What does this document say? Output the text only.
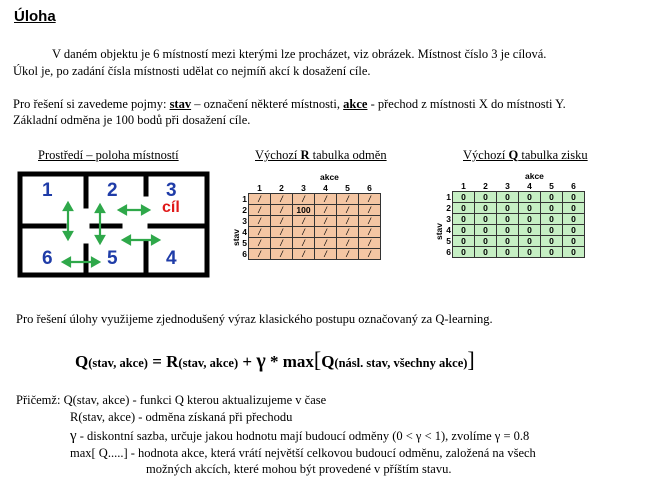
Úloha
V daném objektu je 6 místností mezi kterými lze procházet, viz obrázek. Místnost číslo 3 je cílová.
Úkol je, po zadání čísla místnosti udělat co nejmíň akcí k dosažení cíle.
Pro řešení si zavedeme pojmy: stav – označení některé místnosti, akce - přechod z místnosti X do místnosti Y.
Základní odměna je 100 bodů při dosažení cíle.
Prostředí – poloha místností	Výchozí R tabulka odměn	Výchozí Q tabulka zisku
1	2	3
cíl
6	5	4
akce
stav
	1	2	3	4	5	6
1	/	/	/	/	/	/
2	/	/	100	/	/	/
3	/	/	/	/	/	/
4	/	/	/	/	/	/
5	/	/	/	/	/	/
6	/	/	/	/	/	/
akce
stav
	1	2	3	4	5	6
1	0	0	0	0	0	0
2	0	0	0	0	0	0
3	0	0	0	0	0	0
4	0	0	0	0	0	0
5	0	0	0	0	0	0
6	0	0	0	0	0	0
Pro řešení úlohy využijeme zjednodušený výraz klasického postupu označovaný za Q-learning.
Q(stav, akce) = R(stav, akce) + γ * max[Q(násl. stav, všechny akce)]
Přičemž: Q(stav, akce) - funkci Q kterou aktualizujeme v čase
R(stav, akce) - odměna získaná při přechodu
γ - diskontní sazba, určuje jakou hodnotu mají budoucí odměny (0 < γ < 1), zvolíme γ = 0.8
max[ Q.....] - hodnota akce, která vrátí největší celkovou budoucí odměnu, založená na všech
možných akcích, které mohou být provedené v příštím stavu.
